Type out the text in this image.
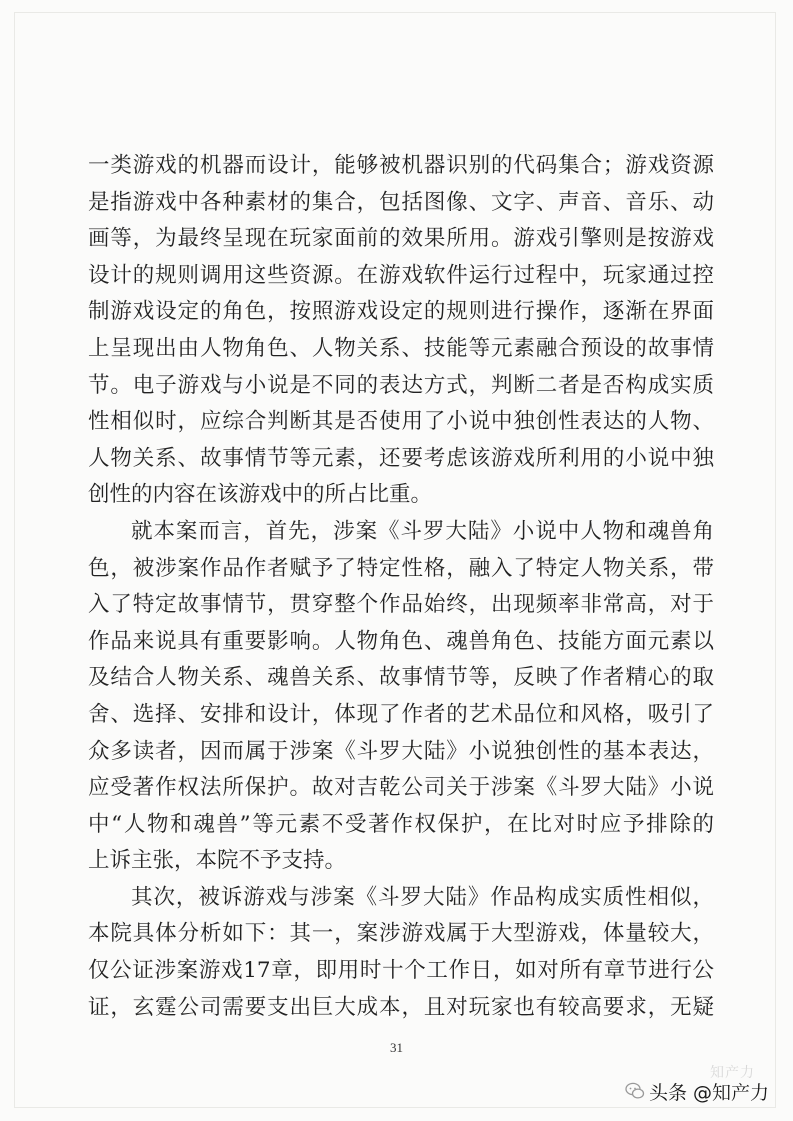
一类游戏的机器而设计，能够被机器识别的代码集合；游戏资源
是指游戏中各种素材的集合，包括图像、文字、声音、音乐、动
画等，为最终呈现在玩家面前的效果所用。游戏引擎则是按游戏
设计的规则调用这些资源。在游戏软件运行过程中，玩家通过控
制游戏设定的角色，按照游戏设定的规则进行操作，逐渐在界面
上呈现出由人物角色、人物关系、技能等元素融合预设的故事情
节。电子游戏与小说是不同的表达方式，判断二者是否构成实质
性相似时，应综合判断其是否使用了小说中独创性表达的人物、
人物关系、故事情节等元素，还要考虑该游戏所利用的小说中独
创性的内容在该游戏中的所占比重。
就本案而言，首先，涉案《斗罗大陆》小说中人物和魂兽角
色，被涉案作品作者赋予了特定性格，融入了特定人物关系，带
入了特定故事情节，贯穿整个作品始终，出现频率非常高，对于
作品来说具有重要影响。人物角色、魂兽角色、技能方面元素以
及结合人物关系、魂兽关系、故事情节等，反映了作者精心的取
舍、选择、安排和设计，体现了作者的艺术品位和风格，吸引了
众多读者，因而属于涉案《斗罗大陆》小说独创性的基本表达，
应受著作权法所保护。故对吉乾公司关于涉案《斗罗大陆》小说
中“人物和魂兽”等元素不受著作权保护，在比对时应予排除的
上诉主张，本院不予支持。
其次，被诉游戏与涉案《斗罗大陆》作品构成实质性相似，
本院具体分析如下：其一，案涉游戏属于大型游戏，体量较大，
仅公证涉案游戏17章，即用时十个工作日，如对所有章节进行公
证，玄霆公司需要支出巨大成本，且对玩家也有较高要求，无疑
31
知产力
头条 @知产力
